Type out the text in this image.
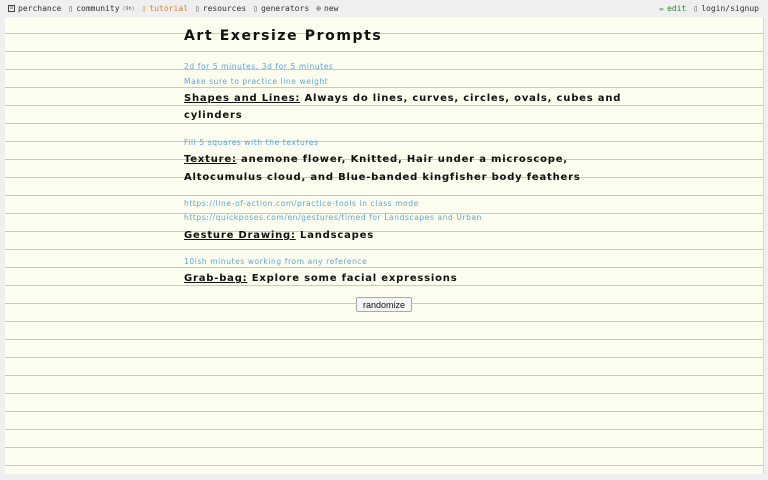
⚄ perchance ▯ community (9h) ▯ tutorial ▯ resources ▯ generators ⊕ new	✏ edit ▯ login/signup
Art Exersize Prompts
2d for 5 minutes, 3d for 5 minutes
Make sure to practice line weight
Shapes and Lines: Always do lines, curves, circles, ovals, cubes and
cylinders
Fill 5 squares with the textures
Texture: anemone flower, Knitted, Hair under a microscope,
Altocumulus cloud, and Blue-banded kingfisher body feathers
https://line-of-action.com/practice-tools in class mode
https://quickposes.com/en/gestures/timed for Landscapes and Urban
Gesture Drawing: Landscapes
10ish minutes working from any reference
Grab-bag: Explore some facial expressions
randomize
